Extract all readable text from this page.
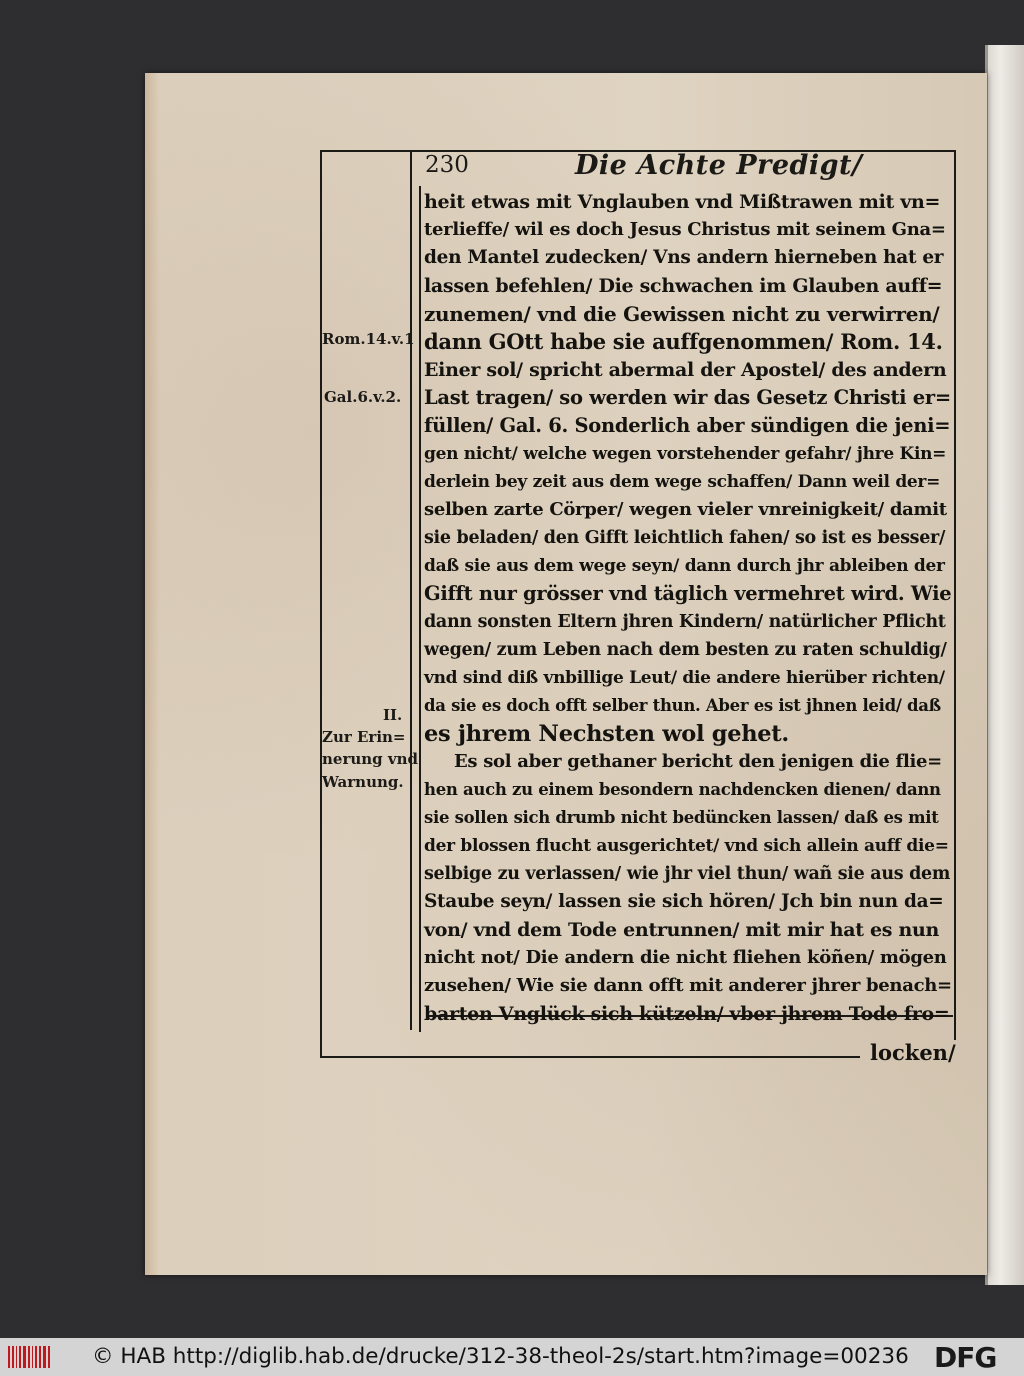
230	Die Achte Predigt/
Rom.14.v.1
Gal.6.v.2.
II.
Zur Erin=
nerung vnd
Warnung.
heit etwas mit Vnglauben vnd Mißtrawen mit vn=
terlieffe/ wil es doch Jesus Christus mit seinem Gna=
den Mantel zudecken/ Vns andern hierneben hat er
lassen befehlen/ Die schwachen im Glauben auff=
zunemen/ vnd die Gewissen nicht zu verwirren/
dann GOtt habe sie auffgenommen/ Rom. 14.
Einer sol/ spricht abermal der Apostel/ des andern
Last tragen/ so werden wir das Gesetz Christi er=
füllen/ Gal. 6. Sonderlich aber sündigen die jeni=
gen nicht/ welche wegen vorstehender gefahr/ jhre Kin=
derlein bey zeit aus dem wege schaffen/ Dann weil der=
selben zarte Cörper/ wegen vieler vnreinigkeit/ damit
sie beladen/ den Gifft leichtlich fahen/ so ist es besser/
daß sie aus dem wege seyn/ dann durch jhr ableiben der
Gifft nur grösser vnd täglich vermehret wird. Wie
dann sonsten Eltern jhren Kindern/ natürlicher Pflicht
wegen/ zum Leben nach dem besten zu raten schuldig/
vnd sind diß vnbillige Leut/ die andere hierüber richten/
da sie es doch offt selber thun. Aber es ist jhnen leid/ daß
es jhrem Nechsten wol gehet.
Es sol aber gethaner bericht den jenigen die flie=
hen auch zu einem besondern nachdencken dienen/ dann
sie sollen sich drumb nicht bedüncken lassen/ daß es mit
der blossen flucht ausgerichtet/ vnd sich allein auff die=
selbige zu verlassen/ wie jhr viel thun/ wañ sie aus dem
Staube seyn/ lassen sie sich hören/ Jch bin nun da=
von/ vnd dem Tode entrunnen/ mit mir hat es nun
nicht not/ Die andern die nicht fliehen köñen/ mögen
zusehen/ Wie sie dann offt mit anderer jhrer benach=
barten Vnglück sich kützeln/ vber jhrem Tode fro=
locken/
© HAB http://diglib.hab.de/drucke/312-38-theol-2s/start.htm?image=00236 DFG
